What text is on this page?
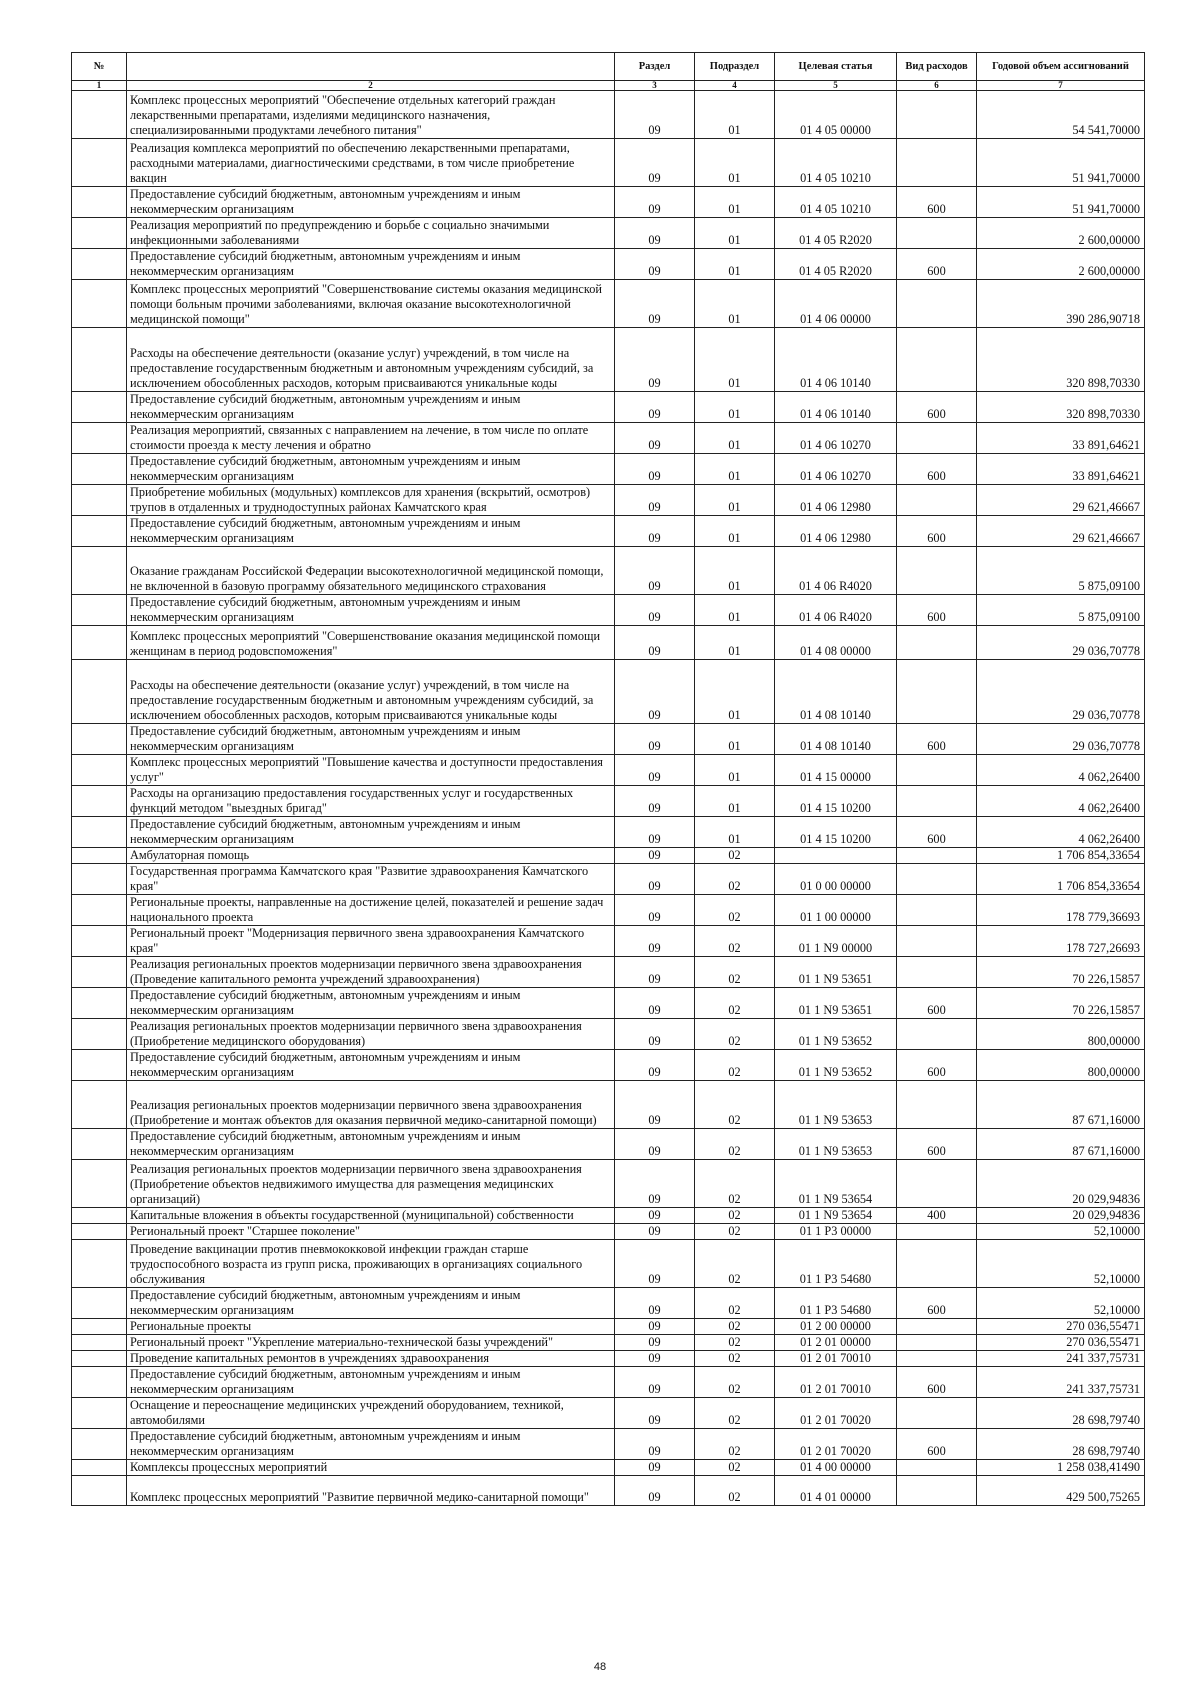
№		Раздел	Подраздел	Целевая статья	Вид расходов	Годовой объем ассигнований
1	2	3	4	5	6	7
	Комплекс процессных мероприятий "Обеспечение отдельных категорий граждан лекарственными препаратами, изделиями медицинского назначения, специализированными продуктами лечебного питания"	09	01	01 4 05 00000		54 541,70000
	Реализация комплекса мероприятий по обеспечению лекарственными препаратами, расходными материалами, диагностическими средствами, в том числе приобретение вакцин	09	01	01 4 05 10210		51 941,70000
	Предоставление субсидий бюджетным, автономным учреждениям и иным некоммерческим организациям	09	01	01 4 05 10210	600	51 941,70000
	Реализация мероприятий по предупреждению и борьбе с социально значимыми инфекционными заболеваниями	09	01	01 4 05 R2020		2 600,00000
	Предоставление субсидий бюджетным, автономным учреждениям и иным некоммерческим организациям	09	01	01 4 05 R2020	600	2 600,00000
	Комплекс процессных мероприятий "Совершенствование системы оказания медицинской помощи больным прочими заболеваниями, включая оказание высокотехнологичной медицинской помощи"	09	01	01 4 06 00000		390 286,90718
	Расходы на обеспечение деятельности (оказание услуг) учреждений, в том числе на предоставление государственным бюджетным и автономным учреждениям субсидий, за исключением обособленных расходов, которым присваиваются уникальные коды	09	01	01 4 06 10140		320 898,70330
	Предоставление субсидий бюджетным, автономным учреждениям и иным некоммерческим организациям	09	01	01 4 06 10140	600	320 898,70330
	Реализация мероприятий, связанных с направлением на лечение, в том числе по оплате стоимости проезда к месту лечения и обратно	09	01	01 4 06 10270		33 891,64621
	Предоставление субсидий бюджетным, автономным учреждениям и иным некоммерческим организациям	09	01	01 4 06 10270	600	33 891,64621
	Приобретение мобильных (модульных) комплексов для хранения (вскрытий, осмотров) трупов в отдаленных и труднодоступных районах Камчатского края	09	01	01 4 06 12980		29 621,46667
	Предоставление субсидий бюджетным, автономным учреждениям и иным некоммерческим организациям	09	01	01 4 06 12980	600	29 621,46667
	Оказание гражданам Российской Федерации высокотехнологичной медицинской помощи, не включенной в базовую программу обязательного медицинского страхования	09	01	01 4 06 R4020		5 875,09100
	Предоставление субсидий бюджетным, автономным учреждениям и иным некоммерческим организациям	09	01	01 4 06 R4020	600	5 875,09100
	Комплекс процессных мероприятий "Совершенствование оказания медицинской помощи женщинам в период родовспоможения"	09	01	01 4 08 00000		29 036,70778
	Расходы на обеспечение деятельности (оказание услуг) учреждений, в том числе на предоставление государственным бюджетным и автономным учреждениям субсидий, за исключением обособленных расходов, которым присваиваются уникальные коды	09	01	01 4 08 10140		29 036,70778
	Предоставление субсидий бюджетным, автономным учреждениям и иным некоммерческим организациям	09	01	01 4 08 10140	600	29 036,70778
	Комплекс процессных мероприятий "Повышение качества и доступности предоставления услуг"	09	01	01 4 15 00000		4 062,26400
	Расходы на организацию предоставления государственных услуг и государственных функций методом "выездных бригад"	09	01	01 4 15 10200		4 062,26400
	Предоставление субсидий бюджетным, автономным учреждениям и иным некоммерческим организациям	09	01	01 4 15 10200	600	4 062,26400
	Амбулаторная помощь	09	02			1 706 854,33654
	Государственная программа Камчатского края "Развитие здравоохранения Камчатского края"	09	02	01 0 00 00000		1 706 854,33654
	Региональные проекты, направленные на достижение целей, показателей и решение задач национального проекта	09	02	01 1 00 00000		178 779,36693
	Региональный проект "Модернизация первичного звена здравоохранения Камчатского края"	09	02	01 1 N9 00000		178 727,26693
	Реализация региональных проектов модернизации первичного звена здравоохранения (Проведение капитального ремонта учреждений здравоохранения)	09	02	01 1 N9 53651		70 226,15857
	Предоставление субсидий бюджетным, автономным учреждениям и иным некоммерческим организациям	09	02	01 1 N9 53651	600	70 226,15857
	Реализация региональных проектов модернизации первичного звена здравоохранения (Приобретение медицинского оборудования)	09	02	01 1 N9 53652		800,00000
	Предоставление субсидий бюджетным, автономным учреждениям и иным некоммерческим организациям	09	02	01 1 N9 53652	600	800,00000
	Реализация региональных проектов модернизации первичного звена здравоохранения (Приобретение и монтаж объектов для оказания первичной медико-санитарной помощи)	09	02	01 1 N9 53653		87 671,16000
	Предоставление субсидий бюджетным, автономным учреждениям и иным некоммерческим организациям	09	02	01 1 N9 53653	600	87 671,16000
	Реализация региональных проектов модернизации первичного звена здравоохранения (Приобретение объектов недвижимого имущества для размещения медицинских организаций)	09	02	01 1 N9 53654		20 029,94836
	Капитальные вложения в объекты государственной (муниципальной) собственности	09	02	01 1 N9 53654	400	20 029,94836
	Региональный проект "Старшее поколение"	09	02	01 1 P3 00000		52,10000
	Проведение вакцинации против пневмококковой инфекции граждан старше трудоспособного возраста из групп риска, проживающих в организациях социального обслуживания	09	02	01 1 P3 54680		52,10000
	Предоставление субсидий бюджетным, автономным учреждениям и иным некоммерческим организациям	09	02	01 1 P3 54680	600	52,10000
	Региональные проекты	09	02	01 2 00 00000		270 036,55471
	Региональный проект "Укрепление материально-технической базы учреждений"	09	02	01 2 01 00000		270 036,55471
	Проведение капитальных ремонтов в учреждениях здравоохранения	09	02	01 2 01 70010		241 337,75731
	Предоставление субсидий бюджетным, автономным учреждениям и иным некоммерческим организациям	09	02	01 2 01 70010	600	241 337,75731
	Оснащение и переоснащение медицинских учреждений оборудованием, техникой, автомобилями	09	02	01 2 01 70020		28 698,79740
	Предоставление субсидий бюджетным, автономным учреждениям и иным некоммерческим организациям	09	02	01 2 01 70020	600	28 698,79740
	Комплексы процессных мероприятий	09	02	01 4 00 00000		1 258 038,41490
	Комплекс процессных мероприятий "Развитие первичной медико-санитарной помощи"	09	02	01 4 01 00000		429 500,75265
48
